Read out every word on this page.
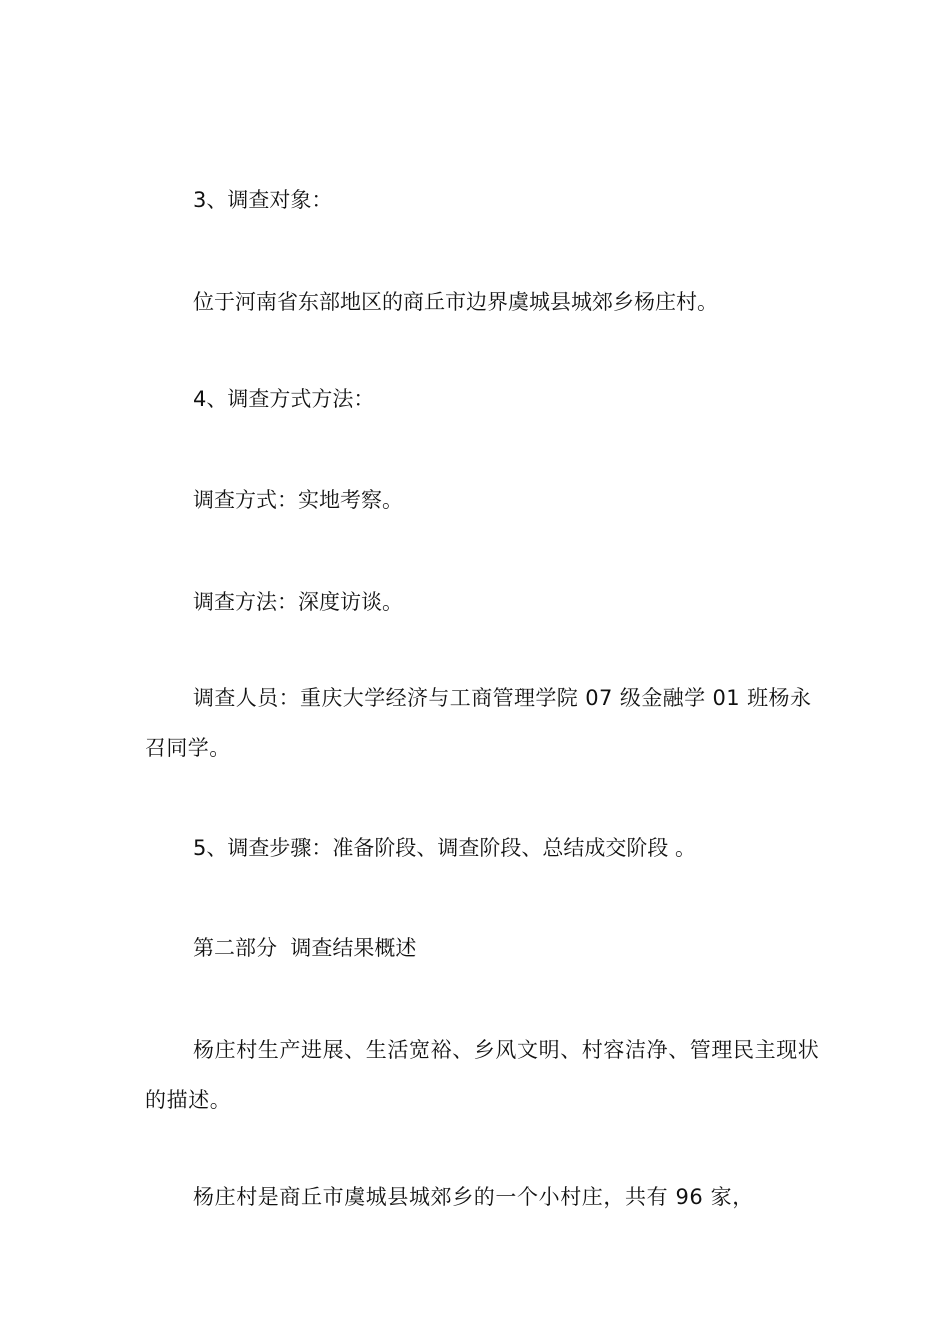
3、调查对象：

位于河南省东部地区的商丘市边界虞城县城郊乡杨庄村。

4、调查方式方法：

调查方式：实地考察。

调查方法：深度访谈。

调查人员：重庆大学经济与工商管理学院 07 级金融学 01 班杨永召同学。

5、调查步骤：准备阶段、调查阶段、总结成交阶段 。

第二部分  调查结果概述

杨庄村生产进展、生活宽裕、乡风文明、村容洁净、管理民主现状的描述。

杨庄村是商丘市虞城县城郊乡的一个小村庄，共有 96 家，
